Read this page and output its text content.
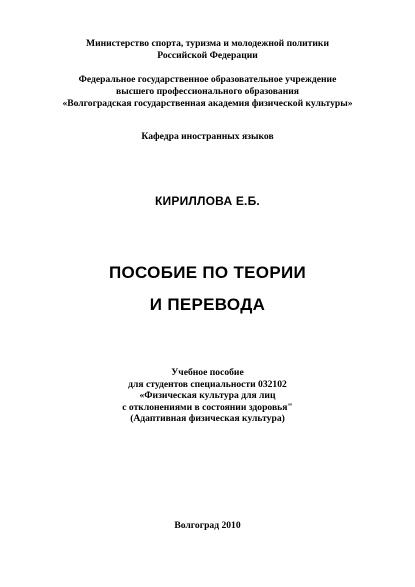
Министерство спорта, туризма и молодежной политики
Российской Федерации
Федеральное государственное образовательное учреждение
высшего профессионального образования
«Волгоградская государственная академия физической культуры»
Кафедра иностранных языков
КИРИЛЛОВА Е.Б.
ПОСОБИЕ ПО ТЕОРИИ
И ПЕРЕВОДА
Учебное пособие
для студентов специальности 032102
«Физическая культура для лиц
с отклонениями в состоянии здоровья"
(Адаптивная физическая культура)
Волгоград 2010
